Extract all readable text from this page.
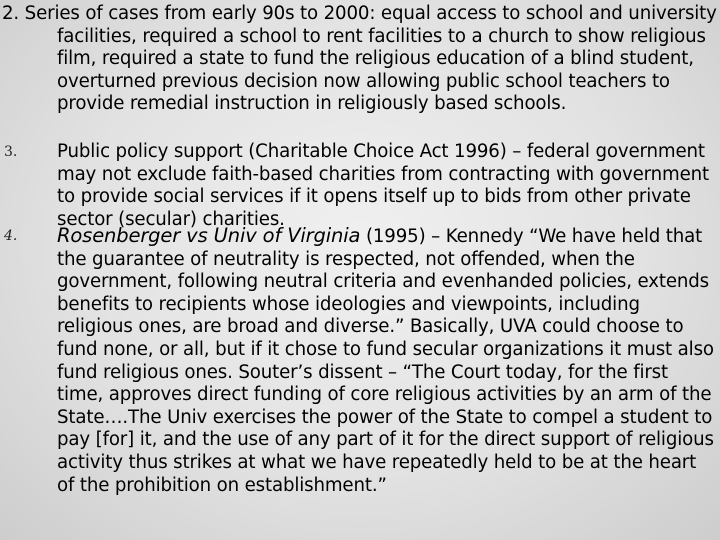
2. Series of cases from early 90s to 2000: equal access to school and university facilities, required a school to rent facilities to a church to show religious film, required a state to fund the religious education of a blind student, overturned previous decision now allowing public school teachers to provide remedial instruction in religiously based schools.
3.	Public policy support (Charitable Choice Act 1996) – federal government may not exclude faith-based charities from contracting with government to provide social services if it opens itself up to bids from other private sector (secular) charities.
4.	Rosenberger vs Univ of Virginia (1995) – Kennedy “We have held that the guarantee of neutrality is respected, not offended, when the government, following neutral criteria and evenhanded policies, extends benefits to recipients whose ideologies and viewpoints, including religious ones, are broad and diverse.” Basically, UVA could choose to fund none, or all, but if it chose to fund secular organizations it must also fund religious ones. Souter’s dissent – “The Court today, for the first time, approves direct funding of core religious activities by an arm of the State….The Univ exercises the power of the State to compel a student to pay [for] it, and the use of any part of it for the direct support of religious activity thus strikes at what we have repeatedly held to be at the heart of the prohibition on establishment.”
